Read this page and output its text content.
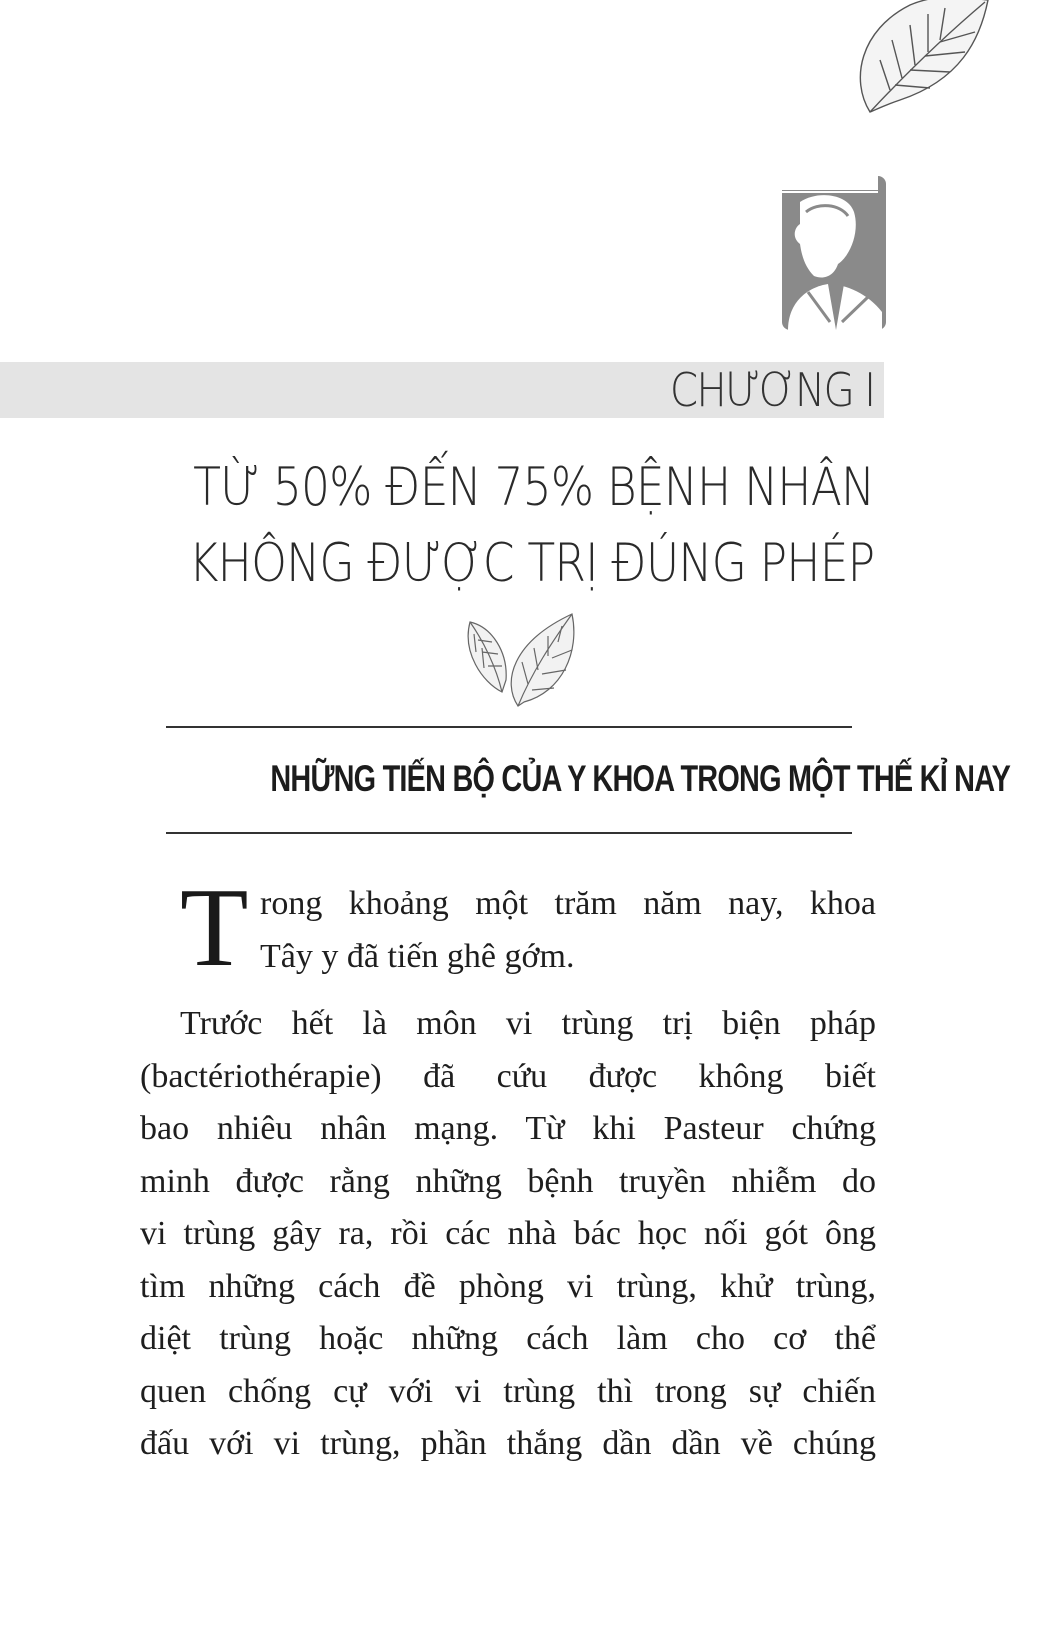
CHƯƠNG I
TỪ 50% ĐẾN 75% BỆNH NHÂN
KHÔNG ĐƯỢC TRỊ ĐÚNG PHÉP
NHỮNG TIẾN BỘ CỦA Y KHOA TRONG MỘT THẾ KỈ NAY
T rong khoảng một trăm năm nay, khoa
Tây y đã tiến ghê gớm.
Trước hết là môn vi trùng trị biện pháp
(bactériothérapie) đã cứu được không biết
bao nhiêu nhân mạng. Từ khi Pasteur chứng
minh được rằng những bệnh truyền nhiễm do
vi trùng gây ra, rồi các nhà bác học nối gót ông
tìm những cách đề phòng vi trùng, khử trùng,
diệt trùng hoặc những cách làm cho cơ thể
quen chống cự với vi trùng thì trong sự chiến
đấu với vi trùng, phần thắng dần dần về chúng
